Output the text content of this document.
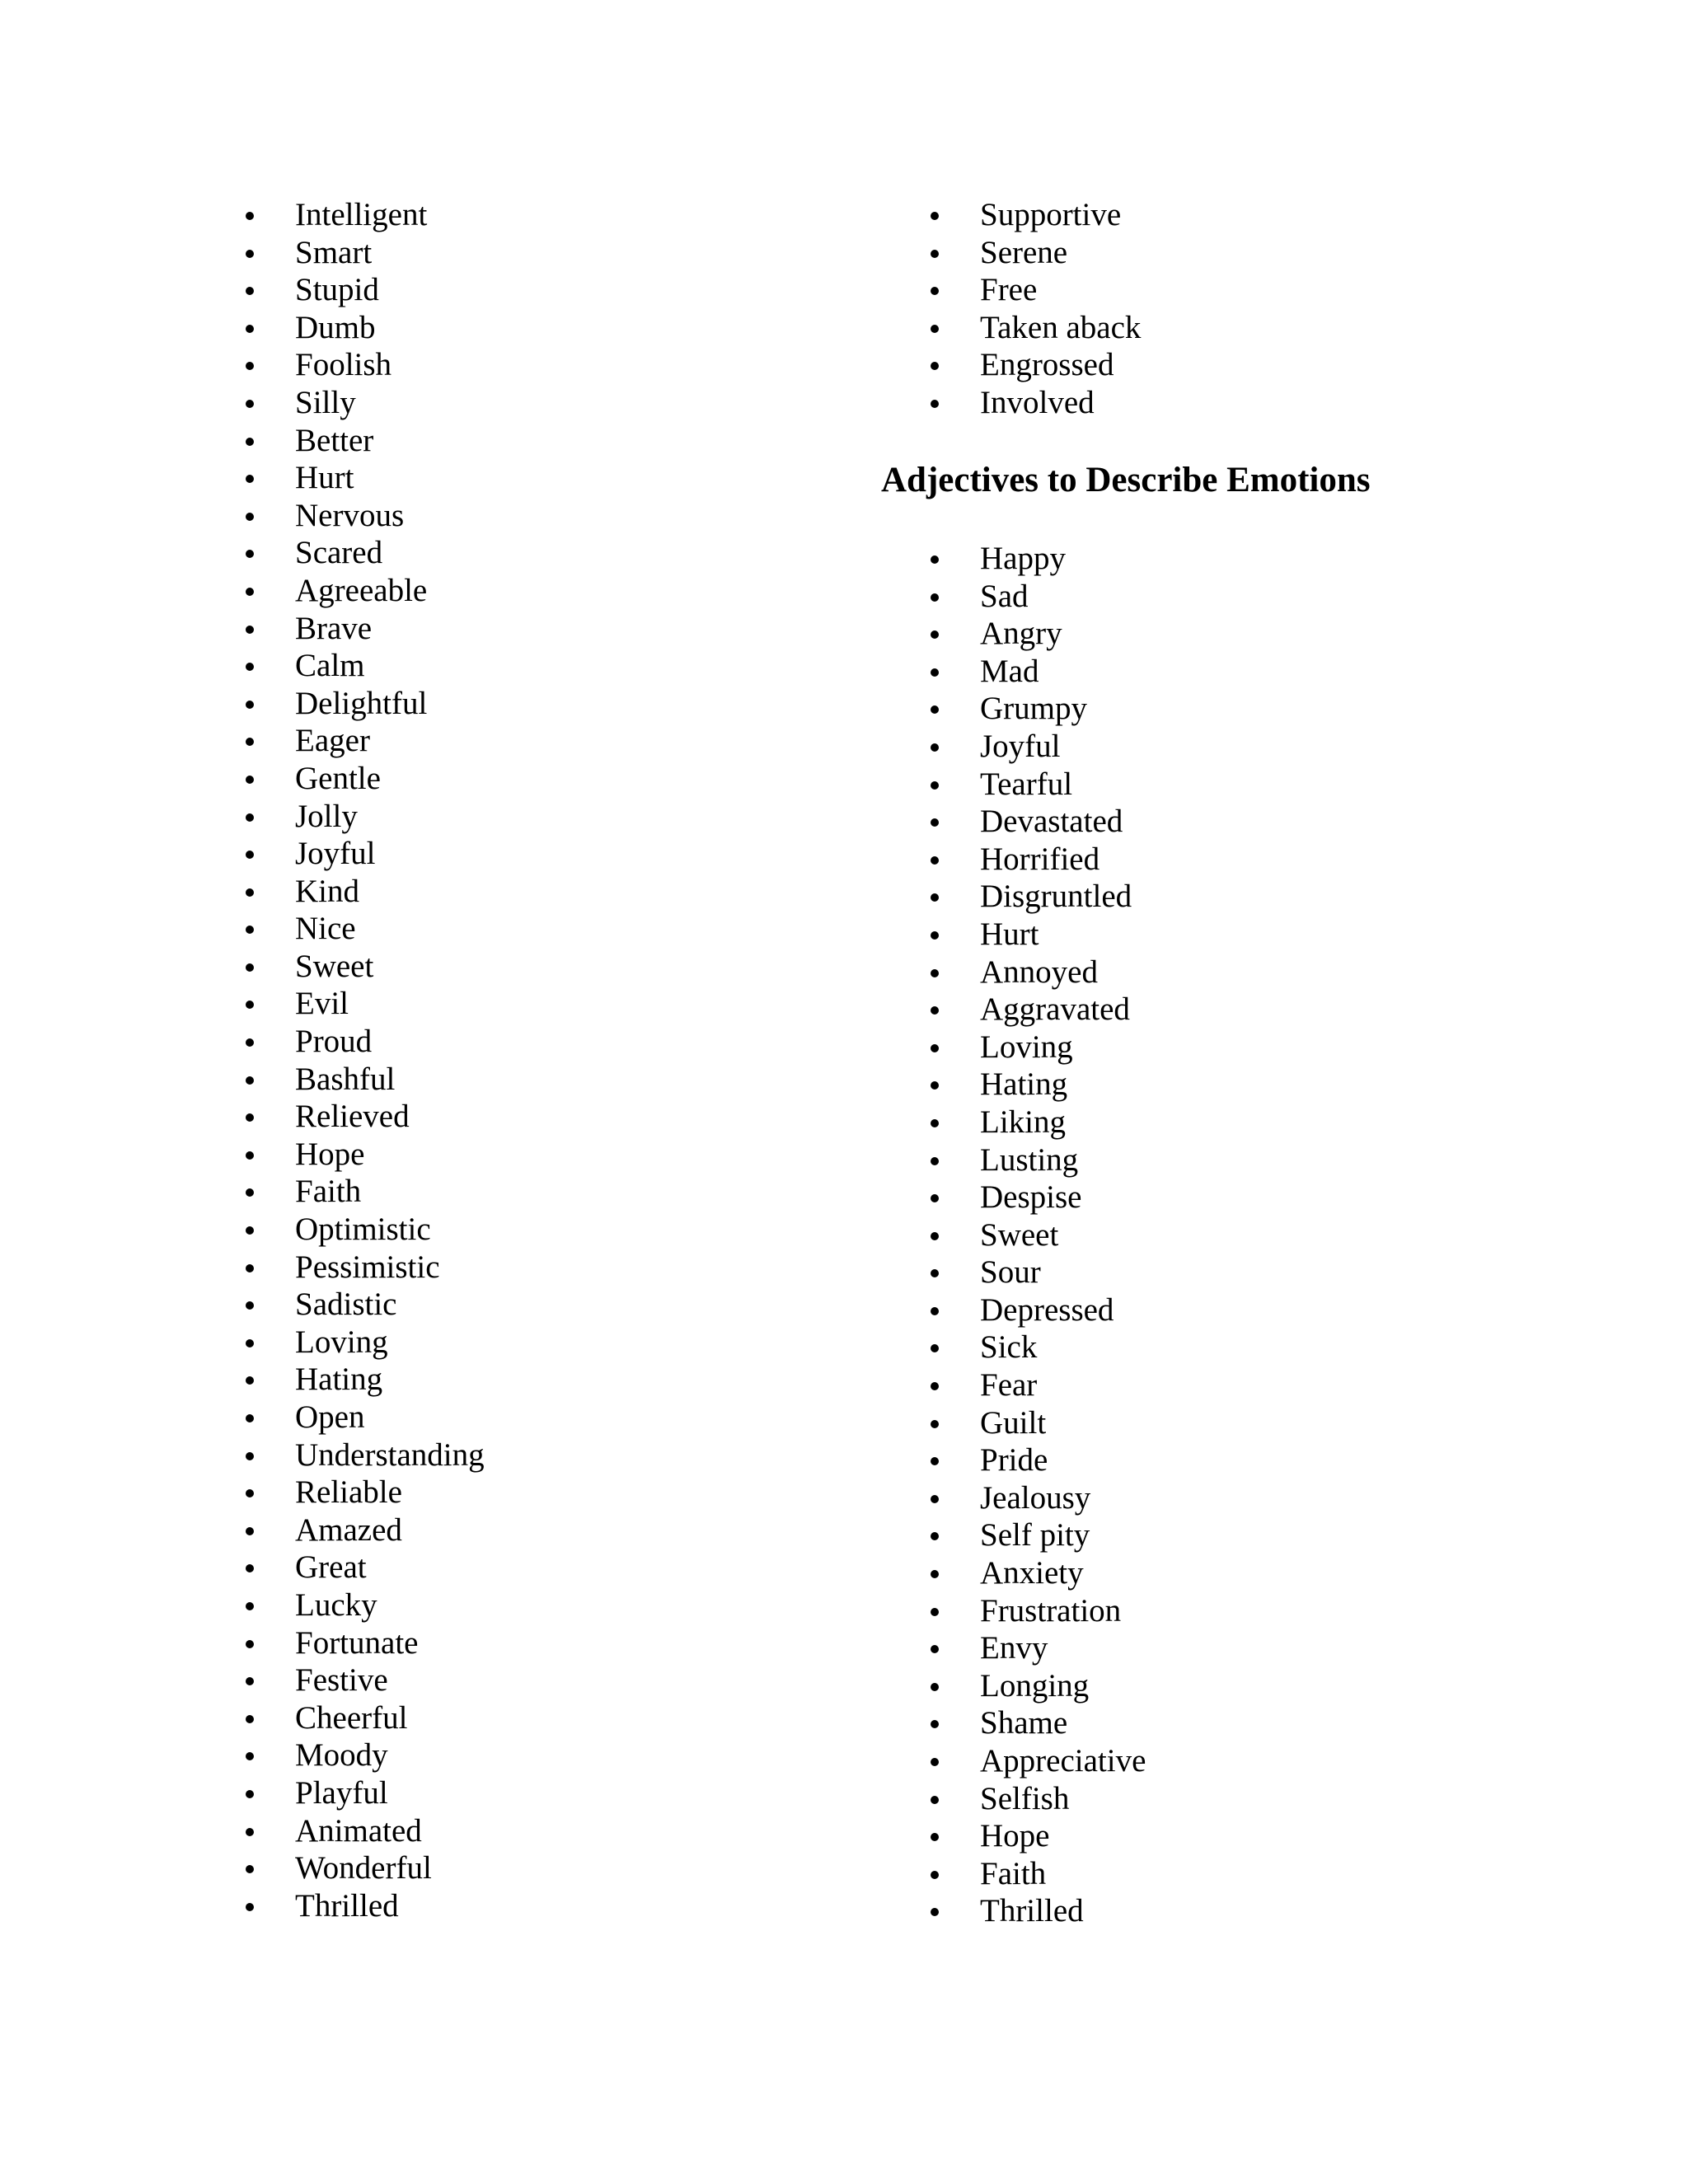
Intelligent
Smart
Stupid
Dumb
Foolish
Silly
Better
Hurt
Nervous
Scared
Agreeable
Brave
Calm
Delightful
Eager
Gentle
Jolly
Joyful
Kind
Nice
Sweet
Evil
Proud
Bashful
Relieved
Hope
Faith
Optimistic
Pessimistic
Sadistic
Loving
Hating
Open
Understanding
Reliable
Amazed
Great
Lucky
Fortunate
Festive
Cheerful
Moody
Playful
Animated
Wonderful
Thrilled
Supportive
Serene
Free
Taken aback
Engrossed
Involved
Adjectives to Describe Emotions
Happy
Sad
Angry
Mad
Grumpy
Joyful
Tearful
Devastated
Horrified
Disgruntled
Hurt
Annoyed
Aggravated
Loving
Hating
Liking
Lusting
Despise
Sweet
Sour
Depressed
Sick
Fear
Guilt
Pride
Jealousy
Self pity
Anxiety
Frustration
Envy
Longing
Shame
Appreciative
Selfish
Hope
Faith
Thrilled
